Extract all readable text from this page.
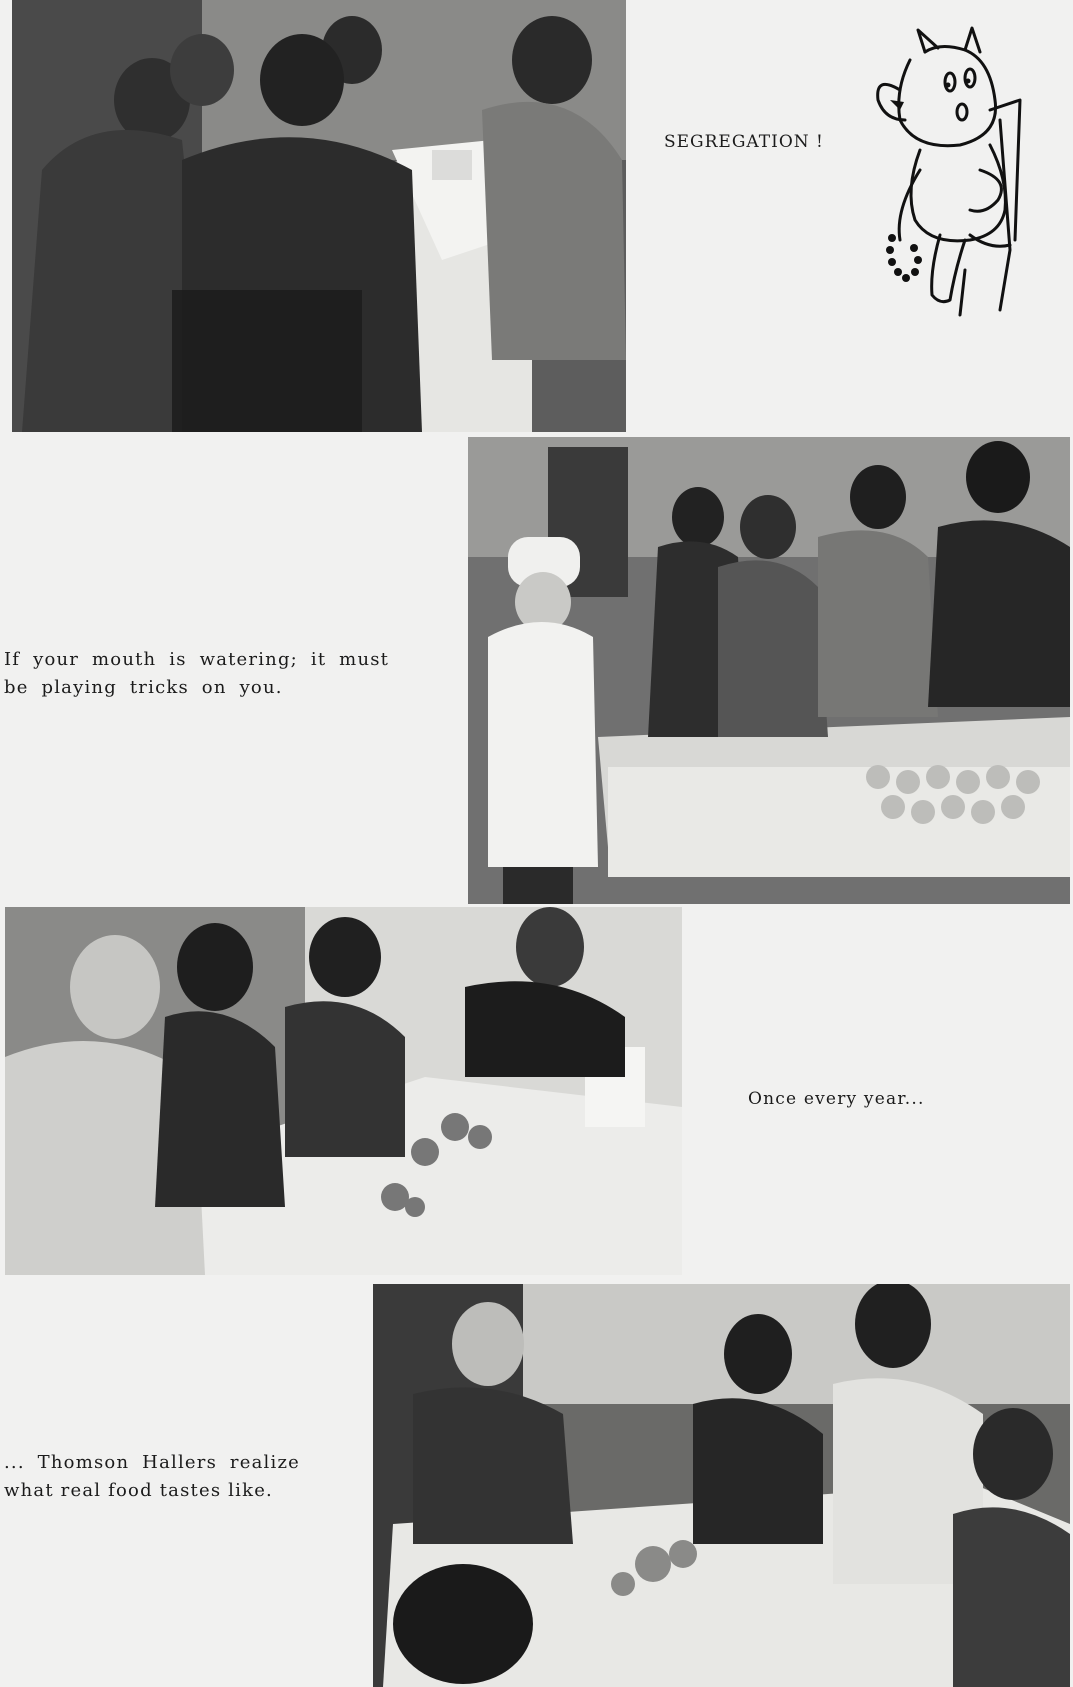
SEGREGATION !

If your mouth is watering; it must be playing tricks on you.

Once every year...

... Thomson Hallers realize

what real food tastes like.
